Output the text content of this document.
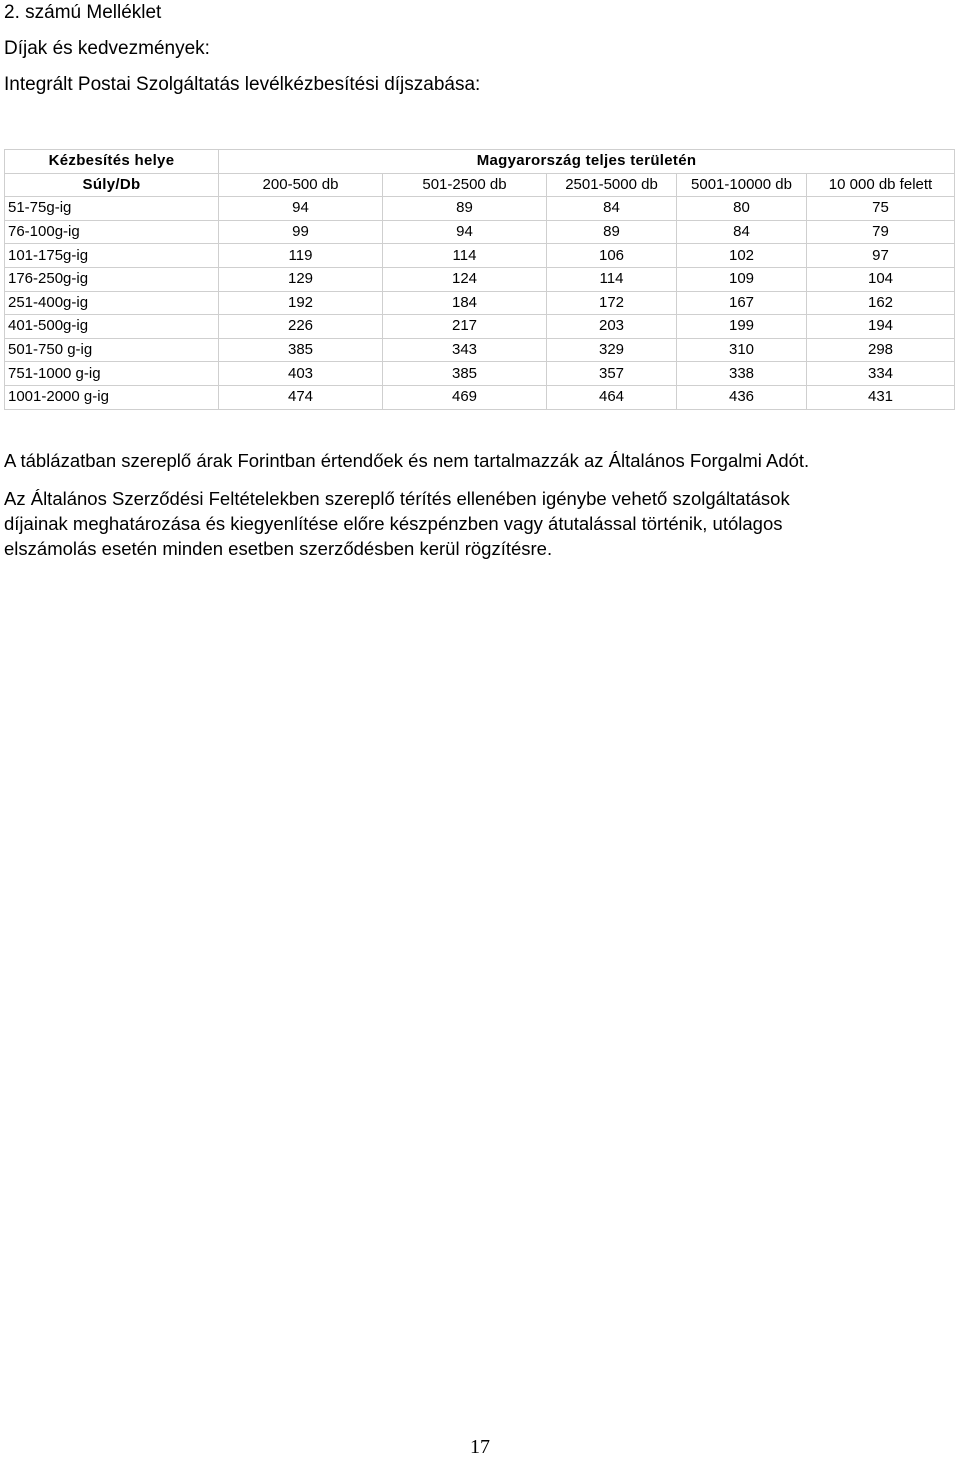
2. számú Melléklet
Díjak és kedvezmények:
Integrált Postai Szolgáltatás levélkézbesítési díjszabása:
Kézbesítés helye	Magyarország teljes területén				
Súly/Db	200-500 db	501-2500 db	2501-5000 db	5001-10000 db	10 000 db felett
51-75g-ig	94	89	84	80	75
76-100g-ig	99	94	89	84	79
101-175g-ig	119	114	106	102	97
176-250g-ig	129	124	114	109	104
251-400g-ig	192	184	172	167	162
401-500g-ig	226	217	203	199	194
501-750 g-ig	385	343	329	310	298
751-1000 g-ig	403	385	357	338	334
1001-2000 g-ig	474	469	464	436	431
A táblázatban szereplő árak Forintban értendőek és nem tartalmazzák az Általános Forgalmi Adót.
Az Általános Szerződési Feltételekben szereplő térítés ellenében igénybe vehető szolgáltatások
díjainak meghatározása és kiegyenlítése előre készpénzben vagy átutalással történik, utólagos
elszámolás esetén minden esetben szerződésben kerül rögzítésre.
17
